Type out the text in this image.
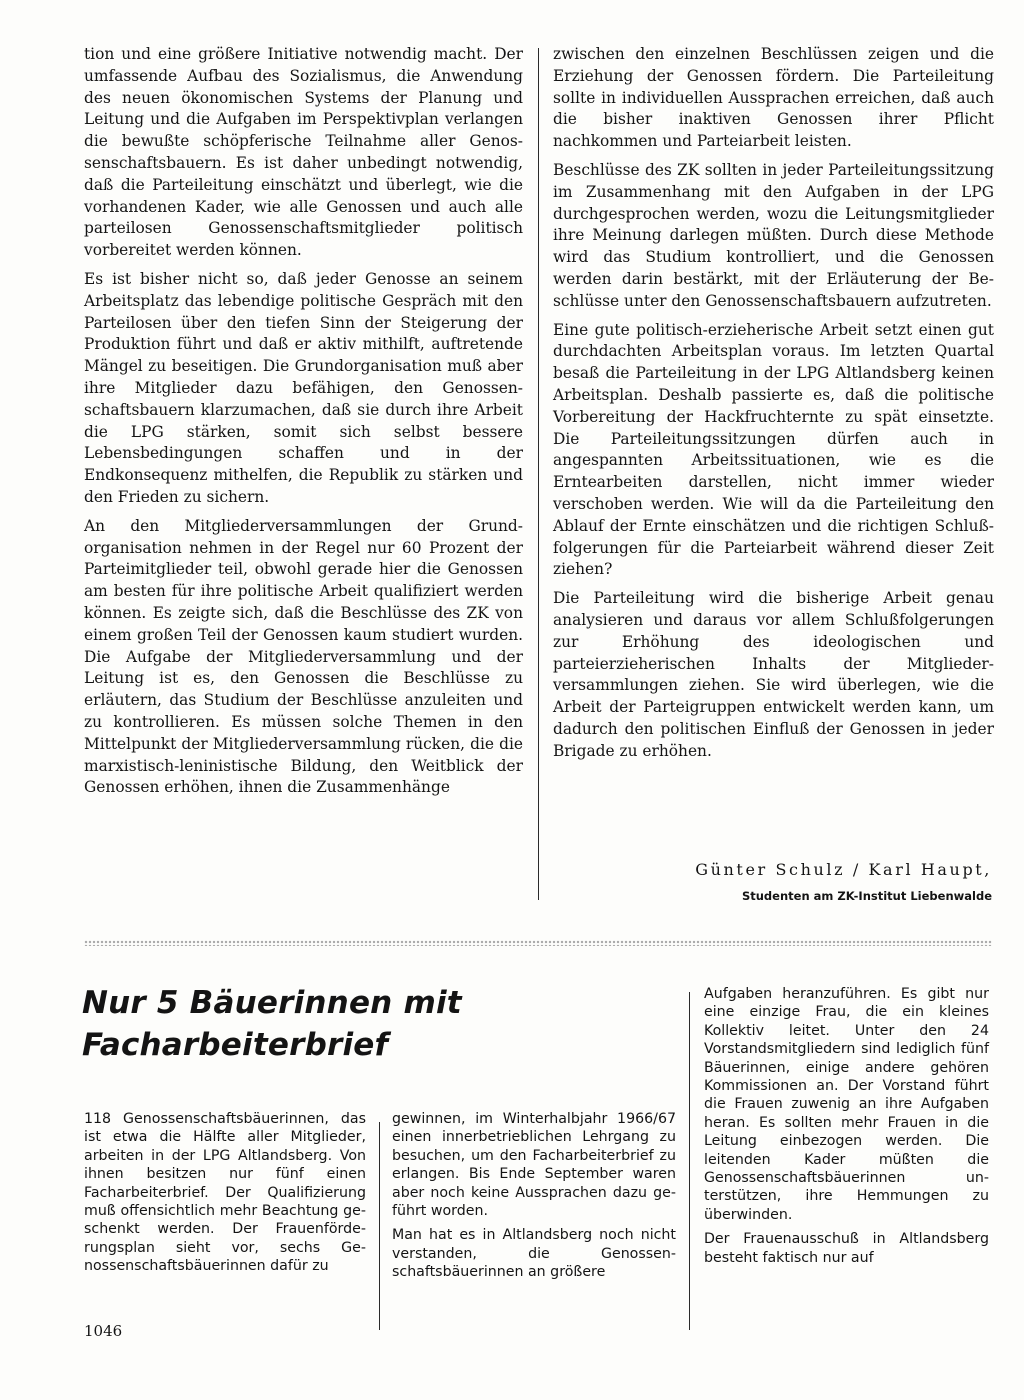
tion und eine größere Initiative notwendig macht. Der umfassende Aufbau des Sozialismus, die Anwendung des neuen ökonomischen Systems der Planung und Leitung und die Aufgaben im Perspektivplan verlangen die bewußte schöpferische Teilnahme aller Genossenschaftsbauern. Es ist daher unbedingt notwendig, daß die Parteileitung einschätzt und überlegt, wie die vorhandenen Kader, wie alle Genossen und auch alle parteilosen Genossenschaftsmitglieder politisch vorbereitet werden können.

Es ist bisher nicht so, daß jeder Genosse an seinem Arbeitsplatz das lebendige politische Gespräch mit den Parteilosen über den tiefen Sinn der Steigerung der Produktion führt und daß er aktiv mithilft, auftretende Mängel zu beseitigen. Die Grundorganisation muß aber ihre Mitglieder dazu befähigen, den Genossenschaftsbauern klarzumachen, daß sie durch ihre Arbeit die LPG stärken, somit sich selbst bessere Lebensbedingungen schaffen und in der Endkonsequenz mithelfen, die Republik zu stärken und den Frieden zu sichern.

An den Mitgliederversammlungen der Grundorganisation nehmen in der Regel nur 60 Prozent der Parteimitglieder teil, obwohl gerade hier die Genossen am besten für ihre politische Arbeit qualifiziert werden können. Es zeigte sich, daß die Beschlüsse des ZK von einem großen Teil der Genossen kaum studiert wurden. Die Aufgabe der Mitgliederversammlung und der Leitung ist es, den Genossen die Beschlüsse zu erläutern, das Studium der Beschlüsse anzuleiten und zu kontrollieren. Es müssen solche Themen in den Mittelpunkt der Mitgliederversammlung rücken, die die marxistisch-leninistische Bildung, den Weitblick der Genossen erhöhen, ihnen die Zusammenhänge

zwischen den einzelnen Beschlüssen zeigen und die Erziehung der Genossen fördern. Die Parteileitung sollte in individuellen Aussprachen erreichen, daß auch die bisher inaktiven Genossen ihrer Pflicht nachkommen und Parteiarbeit leisten.

Beschlüsse des ZK sollten in jeder Parteileitungssitzung im Zusammenhang mit den Aufgaben in der LPG durchgesprochen werden, wozu die Leitungsmitglieder ihre Meinung darlegen müßten. Durch diese Methode wird das Studium kontrolliert, und die Genossen werden darin bestärkt, mit der Erläuterung der Beschlüsse unter den Genossenschaftsbauern aufzutreten.

Eine gute politisch-erzieherische Arbeit setzt einen gut durchdachten Arbeitsplan voraus. Im letzten Quartal besaß die Parteileitung in der LPG Altlandsberg keinen Arbeitsplan. Deshalb passierte es, daß die politische Vorbereitung der Hackfruchternte zu spät einsetzte. Die Parteileitungssitzungen dürfen auch in angespannten Arbeitssituationen, wie es die Erntearbeiten darstellen, nicht immer wieder verschoben werden. Wie will da die Parteileitung den Ablauf der Ernte einschätzen und die richtigen Schlußfolgerungen für die Parteiarbeit während dieser Zeit ziehen?

Die Parteileitung wird die bisherige Arbeit genau analysieren und daraus vor allem Schlußfolgerungen zur Erhöhung des ideologischen und parteierzieherischen Inhalts der Mitgliederversammlungen ziehen. Sie wird überlegen, wie die Arbeit der Parteigruppen entwickelt werden kann, um dadurch den politischen Einfluß der Genossen in jeder Brigade zu erhöhen.

Günter Schulz / Karl Haupt,
Studenten am ZK-Institut Liebenwalde
Nur 5 Bäuerinnen mit
Facharbeiterbrief

118 Genossenschaftsbäuerinnen, das ist etwa die Hälfte aller Mitglieder, arbeiten in der LPG Altlandsberg. Von ihnen besitzen nur fünf einen Facharbeiterbrief. Der Qualifizierung muß offensichtlich mehr Beachtung geschenkt werden. Der Frauenförderungsplan sieht vor, sechs Genossenschaftsbäuerinnen dafür zu

gewinnen, im Winterhalbjahr 1966/67 einen innerbetrieblichen Lehrgang zu besuchen, um den Facharbeiterbrief zu erlangen. Bis Ende September waren aber noch keine Aussprachen dazu geführt worden.

Man hat es in Altlandsberg noch nicht verstanden, die Genossenschaftsbäuerinnen an größere

Aufgaben heranzuführen. Es gibt nur eine einzige Frau, die ein kleines Kollektiv leitet. Unter den 24 Vorstandsmitgliedern sind lediglich fünf Bäuerinnen, einige andere gehören Kommissionen an. Der Vorstand führt die Frauen zuwenig an ihre Aufgaben heran. Es sollten mehr Frauen in die Leitung einbezogen werden. Die leitenden Kader müßten die Genossenschaftsbäuerinnen unterstützen, ihre Hemmungen zu überwinden.

Der Frauenausschuß in Altlandsberg besteht faktisch nur auf

1046
